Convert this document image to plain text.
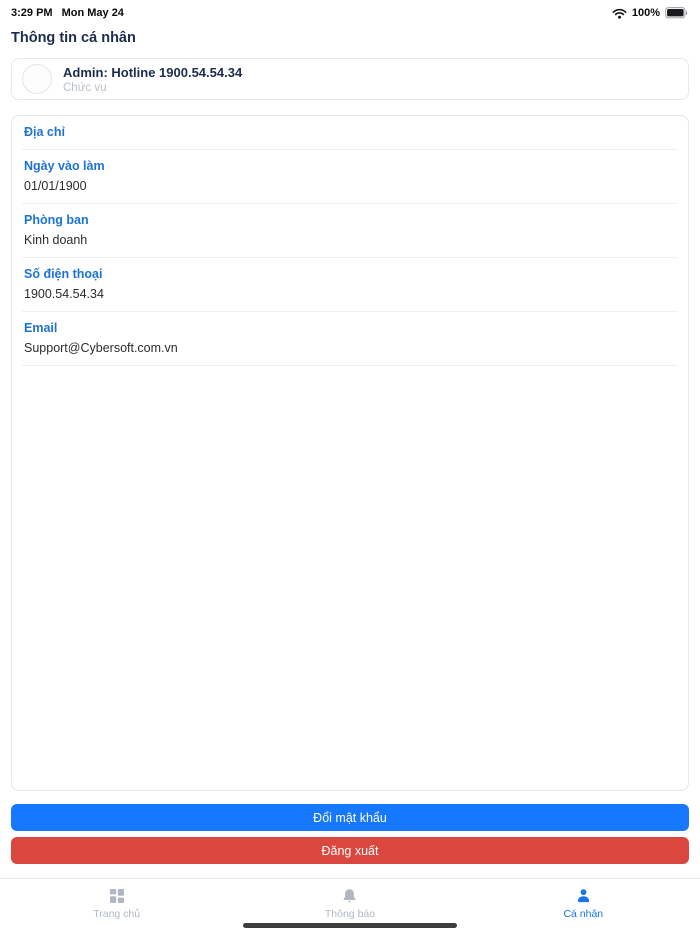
3:29 PM Mon May 24	100%
Thông tin cá nhân
Admin: Hotline 1900.54.54.34
Chức vụ
Địa chỉ
Ngày vào làm
01/01/1900
Phòng ban
Kinh doanh
Số điện thoại
1900.54.54.34
Email
Support@Cybersoft.com.vn
Đổi mật khẩu
Đăng xuất
Trang chủ	Thông báo	Cá nhân
